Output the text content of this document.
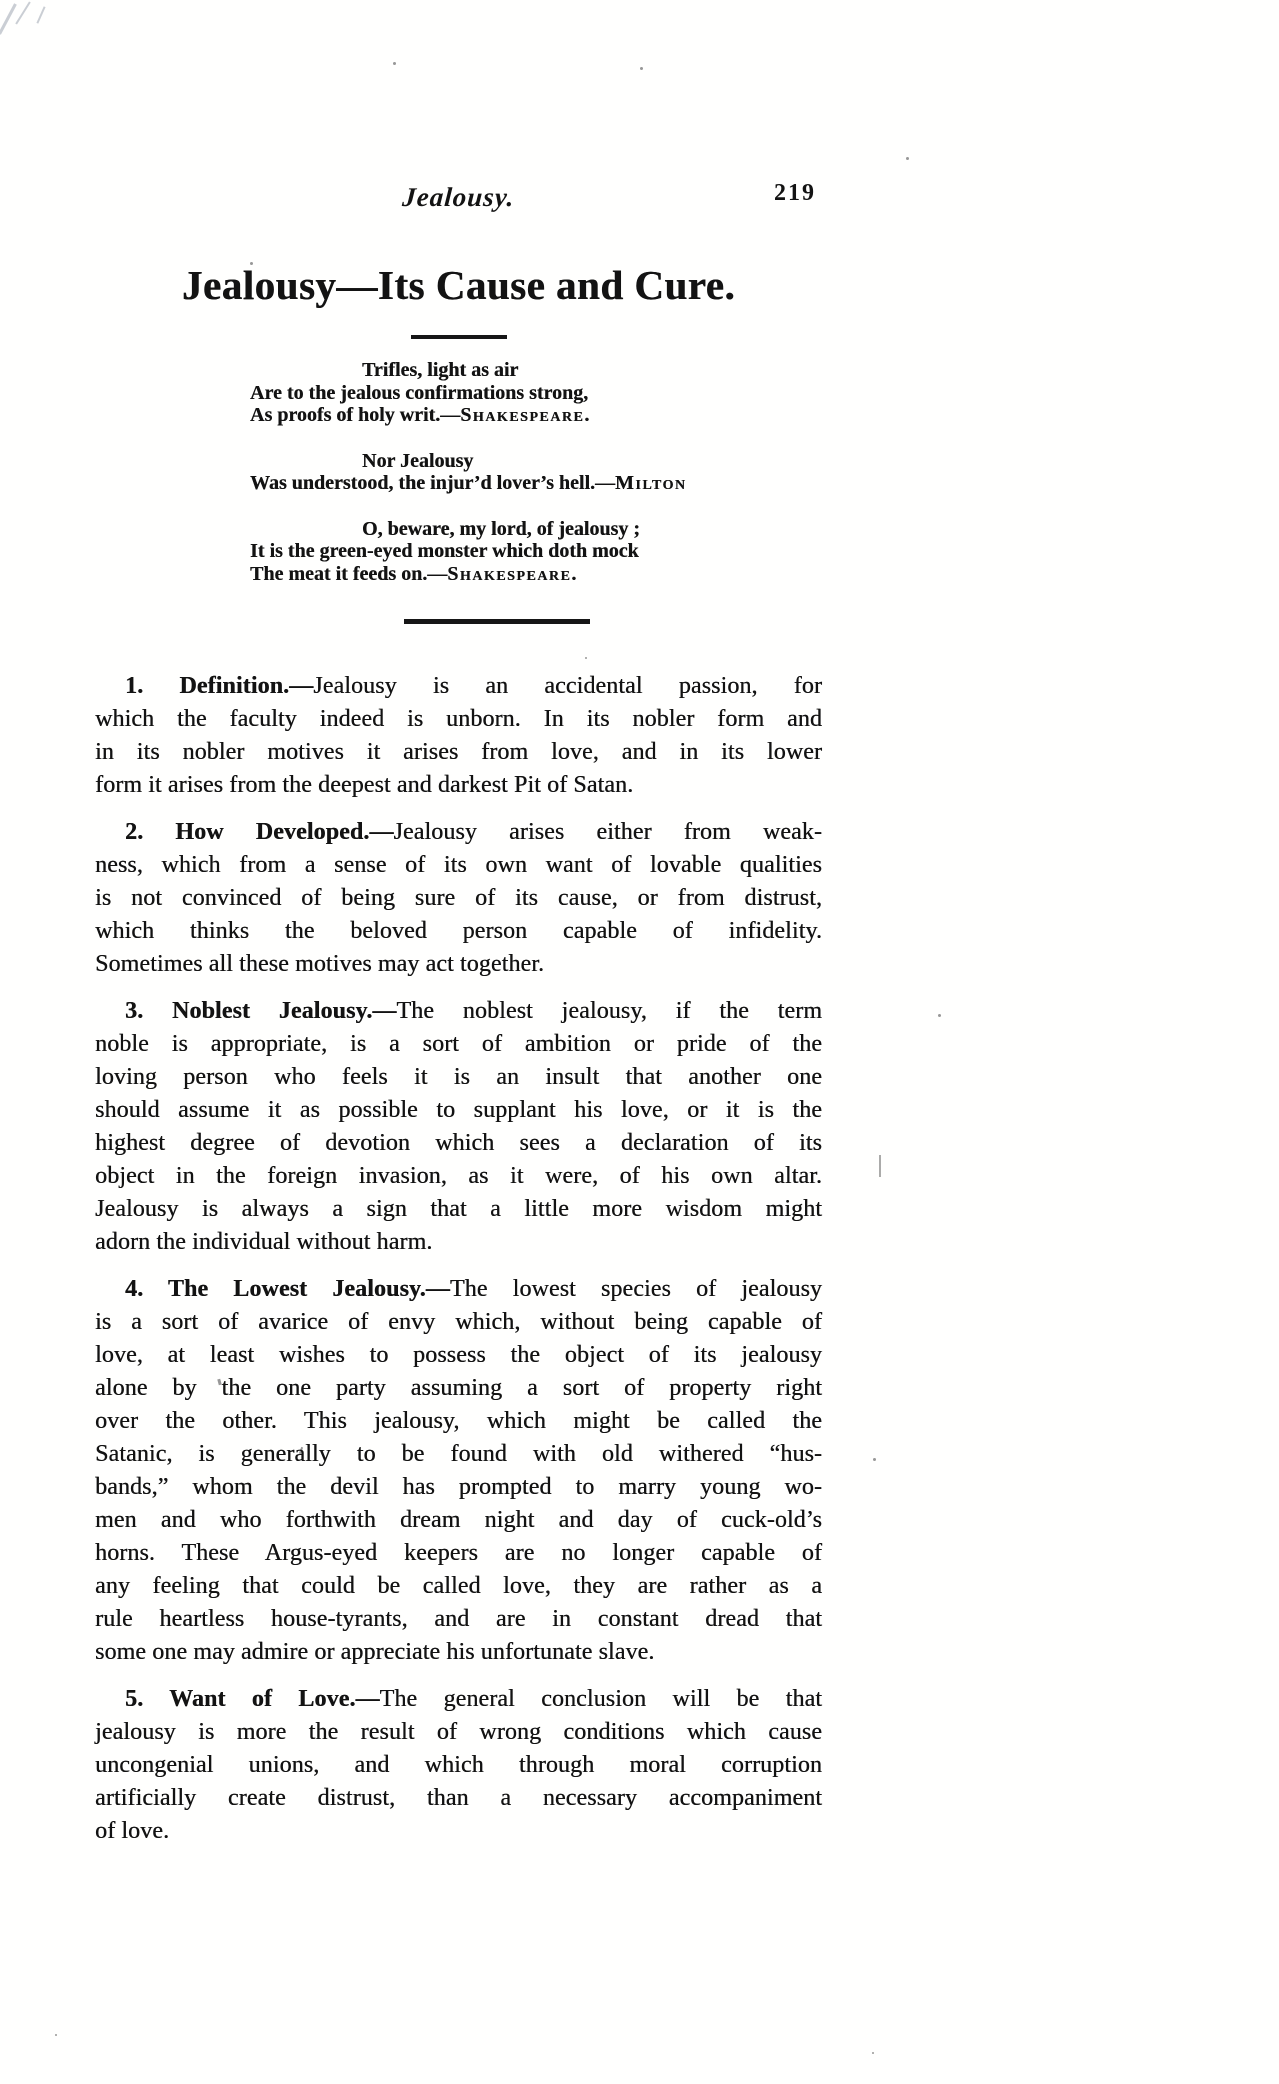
Jealousy.	219
Jealousy—Its Cause and Cure.
Trifles, light as air
Are to the jealous confirmations strong,
As proofs of holy writ.—Shakespeare.
Nor Jealousy
Was understood, the injur’d lover’s hell.—Milton
O, beware, my lord, of jealousy ;
It is the green-eyed monster which doth mock
The meat it feeds on.—Shakespeare.
1. Definition.—Jealousy is an accidental passion, for
which the faculty indeed is unborn. In its nobler form and
in its nobler motives it arises from love, and in its lower
form it arises from the deepest and darkest Pit of Satan.
2. How Developed.—Jealousy arises either from weak-
ness, which from a sense of its own want of lovable qualities
is not convinced of being sure of its cause, or from distrust,
which thinks the beloved person capable of infidelity.
Sometimes all these motives may act together.
3. Noblest Jealousy.—The noblest jealousy, if the term
noble is appropriate, is a sort of ambition or pride of the
loving person who feels it is an insult that another one
should assume it as possible to supplant his love, or it is the
highest degree of devotion which sees a declaration of its
object in the foreign invasion, as it were, of his own altar.
Jealousy is always a sign that a little more wisdom might
adorn the individual without harm.
4. The Lowest Jealousy.—The lowest species of jealousy
is a sort of avarice of envy which, without being capable of
love, at least wishes to possess the object of its jealousy
alone by the one party assuming a sort of property right
over the other. This jealousy, which might be called the
Satanic, is generally to be found with old withered “hus-
bands,” whom the devil has prompted to marry young wo-
men and who forthwith dream night and day of cuck-old’s
horns. These Argus-eyed keepers are no longer capable of
any feeling that could be called love, they are rather as a
rule heartless house-tyrants, and are in constant dread that
some one may admire or appreciate his unfortunate slave.
5. Want of Love.—The general conclusion will be that
jealousy is more the result of wrong conditions which cause
uncongenial unions, and which through moral corruption
artificially create distrust, than a necessary accompaniment
of love.
